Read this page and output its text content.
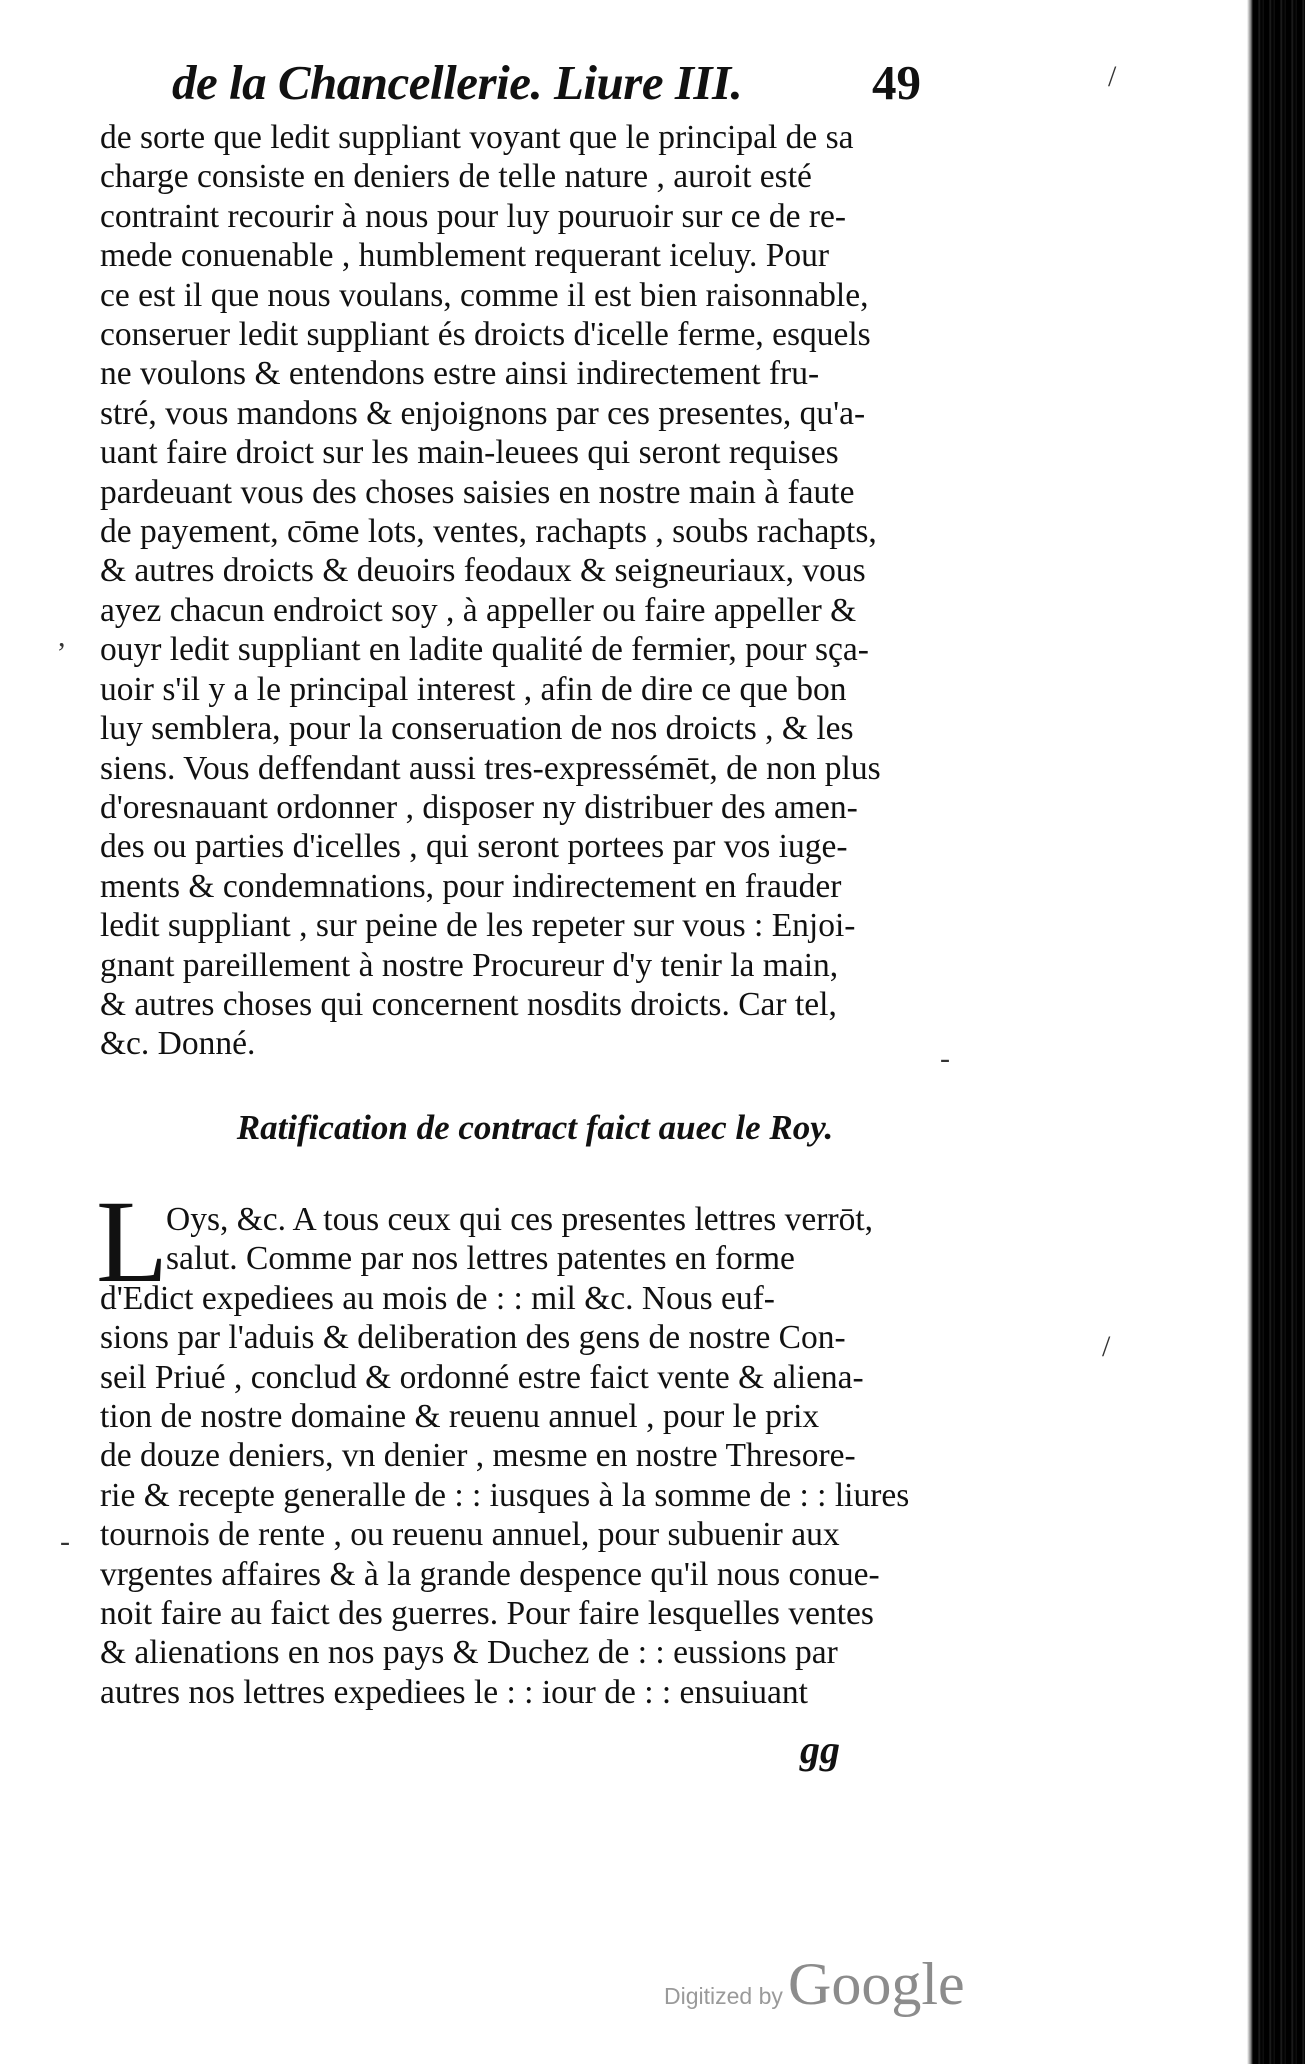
de la Chancellerie. Liure III.	49
de sorte que ledit suppliant voyant que le principal de sa
charge consiste en deniers de telle nature , auroit esté
contraint recourir à nous pour luy pouruoir sur ce de re-
mede conuenable , humblement requerant iceluy. Pour
ce est il que nous voulans, comme il est bien raisonnable,
conseruer ledit suppliant és droicts d'icelle ferme, esquels
ne voulons & entendons estre ainsi indirectement fru-
stré, vous mandons & enjoignons par ces presentes, qu'a-
uant faire droict sur les main-leuees qui seront requises
pardeuant vous des choses saisies en nostre main à faute
de payement, cōme lots, ventes, rachapts , soubs rachapts,
& autres droicts & deuoirs feodaux & seigneuriaux, vous
ayez chacun endroict soy , à appeller ou faire appeller &
ouyr ledit suppliant en ladite qualité de fermier, pour sça-
uoir s'il y a le principal interest , afin de dire ce que bon
luy semblera, pour la conseruation de nos droicts , & les
siens. Vous deffendant aussi tres-expressémēt, de non plus
d'oresnauant ordonner , disposer ny distribuer des amen-
des ou parties d'icelles , qui seront portees par vos iuge-
ments & condemnations, pour indirectement en frauder
ledit suppliant , sur peine de les repeter sur vous : Enjoi-
gnant pareillement à nostre Procureur d'y tenir la main,
& autres choses qui concernent nosdits droicts. Car tel,
&c. Donné.
Ratification de contract faict auec le Roy.
L
Oys, &c. A tous ceux qui ces presentes lettres verrōt,
salut. Comme par nos lettres patentes en forme
d'Edict expediees au mois de : : mil &c. Nous euf-
sions par l'aduis & deliberation des gens de nostre Con-
seil Priué , conclud & ordonné estre faict vente & aliena-
tion de nostre domaine & reuenu annuel , pour le prix
de douze deniers, vn denier , mesme en nostre Thresore-
rie & recepte generalle de : : iusques à la somme de : : liures
tournois de rente , ou reuenu annuel, pour subuenir aux
vrgentes affaires & à la grande despence qu'il nous conue-
noit faire au faict des guerres. Pour faire lesquelles ventes
& alienations en nos pays & Duchez de : : eussions par
autres nos lettres expediees le : : iour de : : ensuiuant
gg
/
,
-
-
/
Digitized by Google
